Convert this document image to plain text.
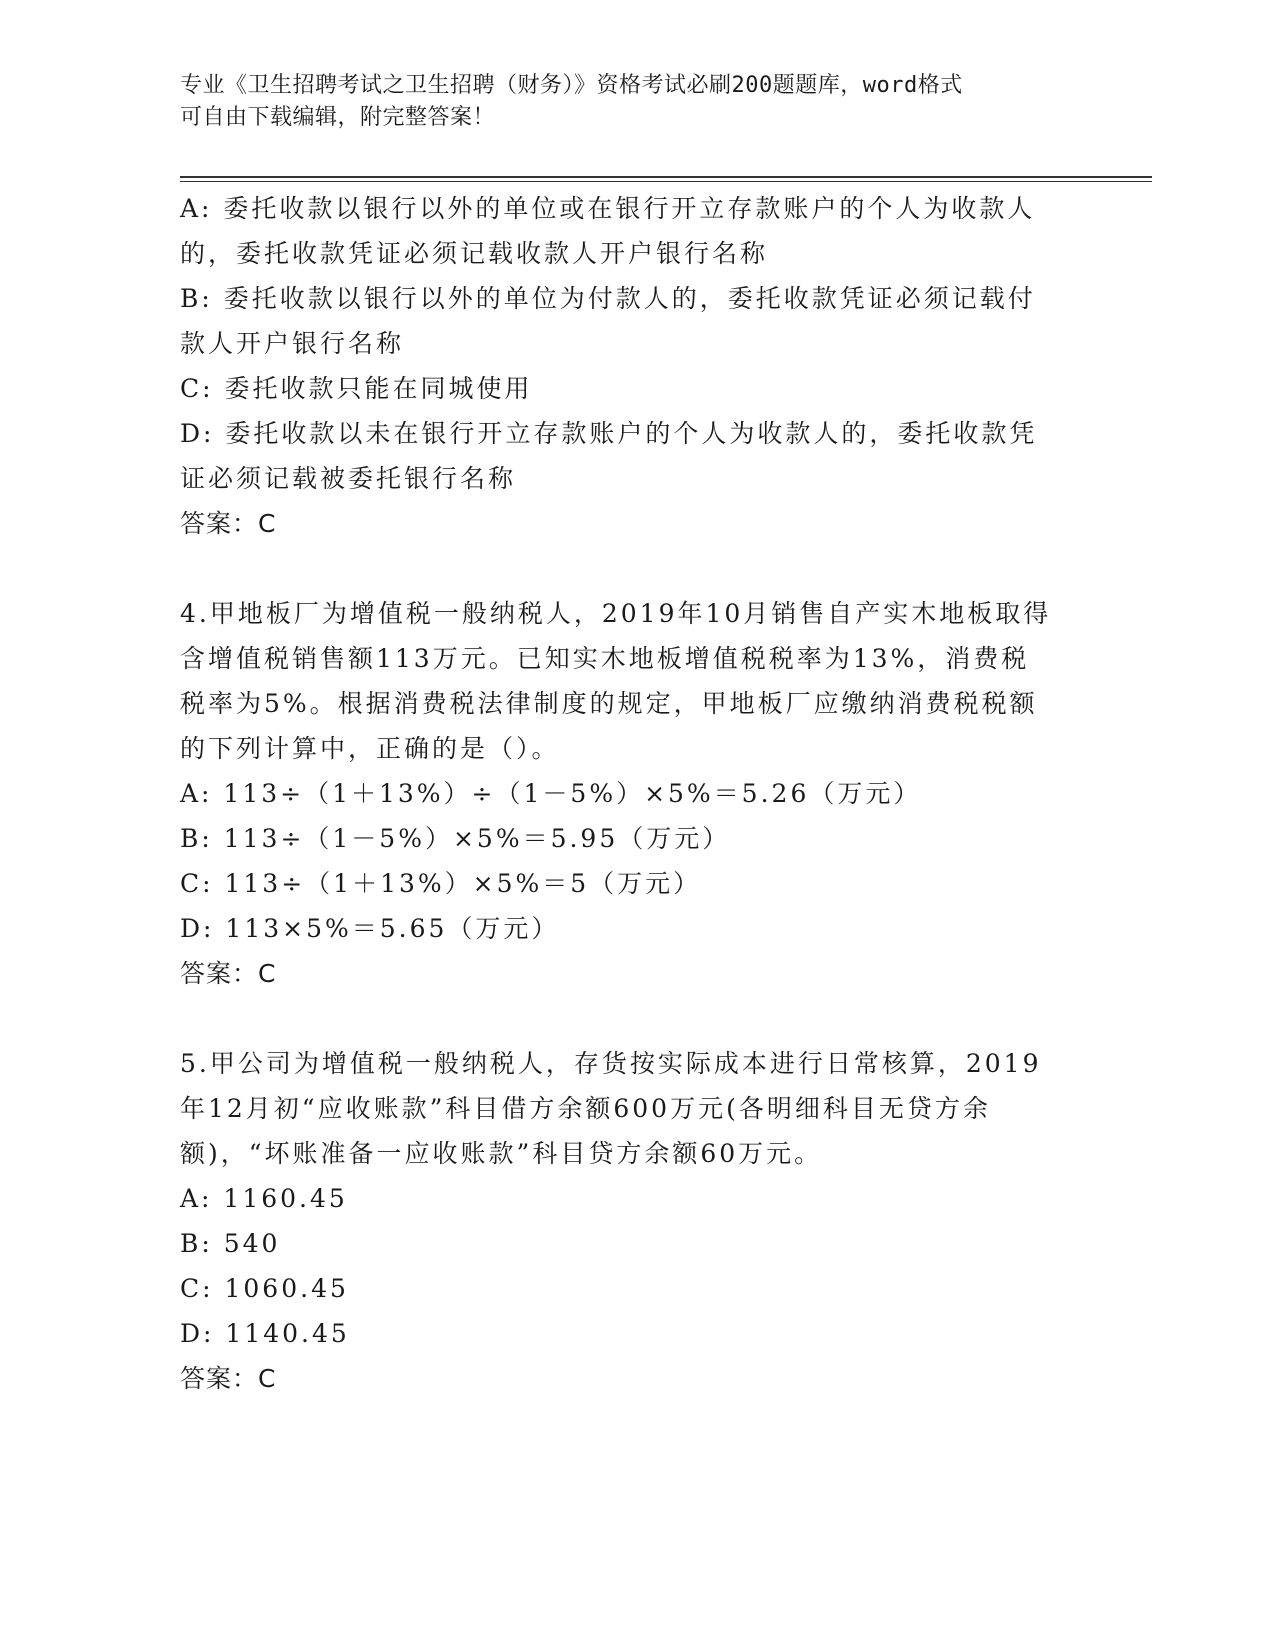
专业《卫生招聘考试之卫生招聘（财务）》资格考试必刷200题题库，word格式
可自由下载编辑，附完整答案！
A: 委托收款以银行以外的单位或在银行开立存款账户的个人为收款人
的，委托收款凭证必须记载收款人开户银行名称
B: 委托收款以银行以外的单位为付款人的，委托收款凭证必须记载付
款人开户银行名称
C: 委托收款只能在同城使用
D: 委托收款以未在银行开立存款账户的个人为收款人的，委托收款凭
证必须记载被委托银行名称
答案：C
4.甲地板厂为增值税一般纳税人，2019年10月销售自产实木地板取得
含增值税销售额113万元。已知实木地板增值税税率为13%，消费税
税率为5%。根据消费税法律制度的规定，甲地板厂应缴纳消费税税额
的下列计算中，正确的是（）。
A: 113÷（1＋13%）÷（1－5%）×5%＝5.26（万元）
B: 113÷（1－5%）×5%＝5.95（万元）
C: 113÷（1＋13%）×5%＝5（万元）
D: 113×5%＝5.65（万元）
答案：C
5.甲公司为增值税一般纳税人，存货按实际成本进行日常核算，2019
年12月初“应收账款”科目借方余额600万元(各明细科目无贷方余
额)，“坏账准备一应收账款”科目贷方余额60万元。
A: 1160.45
B: 540
C: 1060.45
D: 1140.45
答案：C
